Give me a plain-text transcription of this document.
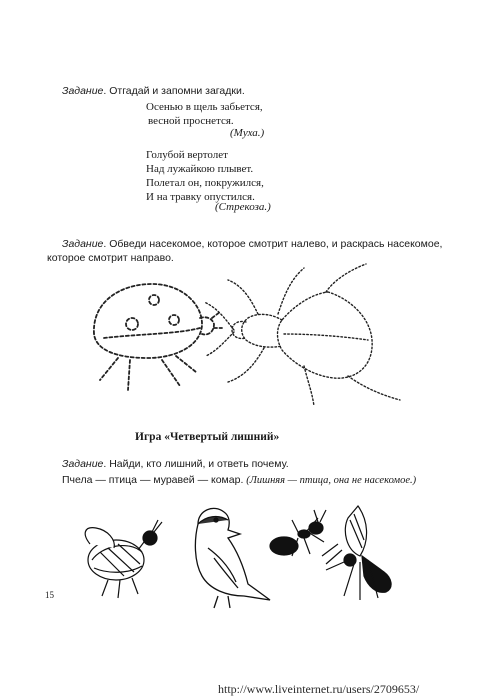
Задание. Отгадай и запомни загадки.
Осенью в щель забьется,
весной проснется.
(Муха.)
Голубой вертолет
Над лужайкою плывет.
Полетал он, покружился,
И на травку опустился.
(Стрекоза.)
Задание. Обведи насекомое, которое смотрит налево, и раскрась насекомое,
которое смотрит направо.
Игра «Четвертый лишний»
Задание. Найди, кто лишний, и ответь почему.
Пчела — птица — муравей — комар. (Лишняя — птица, она не насекомое.)
15
http://www.liveinternet.ru/users/2709653/
